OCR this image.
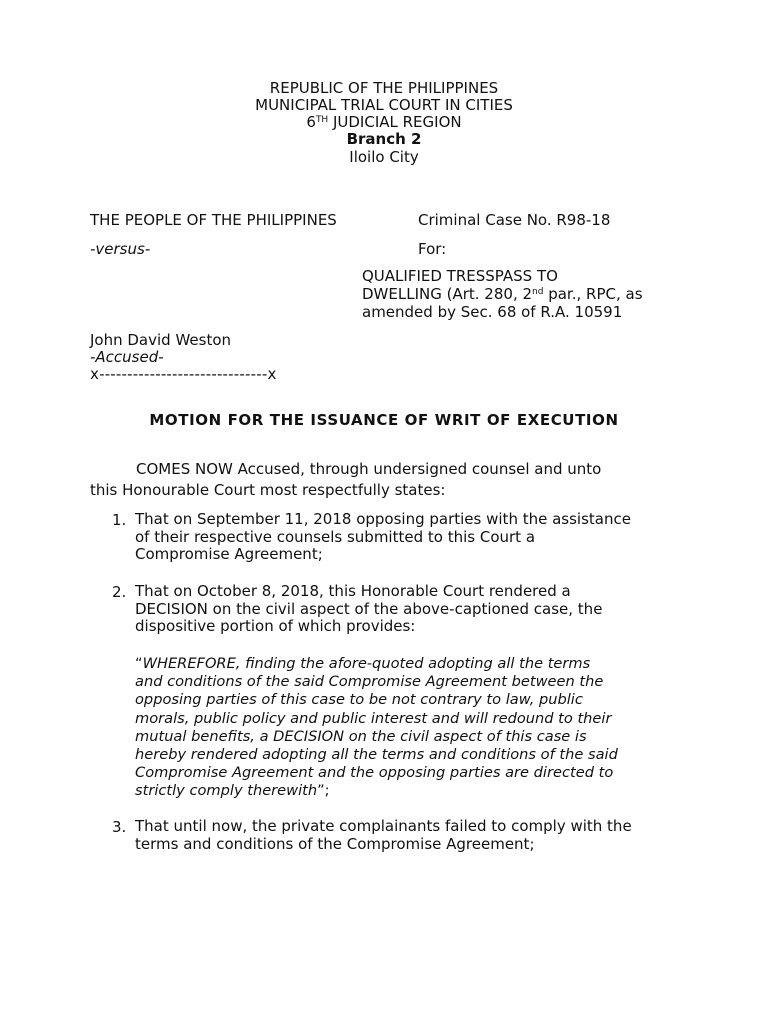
REPUBLIC OF THE PHILIPPINES
MUNICIPAL TRIAL COURT IN CITIES
6TH JUDICIAL REGION
Branch 2
Iloilo City
THE PEOPLE OF THE PHILIPPINES	Criminal Case No. R98-18
-versus-	For:
QUALIFIED TRESSPASS TO
DWELLING (Art. 280, 2nd par., RPC, as
amended by Sec. 68 of R.A. 10591
John David Weston
-Accused-
x------------------------------x
MOTION FOR THE ISSUANCE OF WRIT OF EXECUTION
COMES NOW Accused, through undersigned counsel and unto
this Honourable Court most respectfully states:
1. That on September 11, 2018 opposing parties with the assistance
of their respective counsels submitted to this Court a
Compromise Agreement;
2. That on October 8, 2018, this Honorable Court rendered a
DECISION on the civil aspect of the above-captioned case, the
dispositive portion of which provides:
“WHEREFORE, finding the afore-quoted adopting all the terms
and conditions of the said Compromise Agreement between the
opposing parties of this case to be not contrary to law, public
morals, public policy and public interest and will redound to their
mutual benefits, a DECISION on the civil aspect of this case is
hereby rendered adopting all the terms and conditions of the said
Compromise Agreement and the opposing parties are directed to
strictly comply therewith”;
3. That until now, the private complainants failed to comply with the
terms and conditions of the Compromise Agreement;
